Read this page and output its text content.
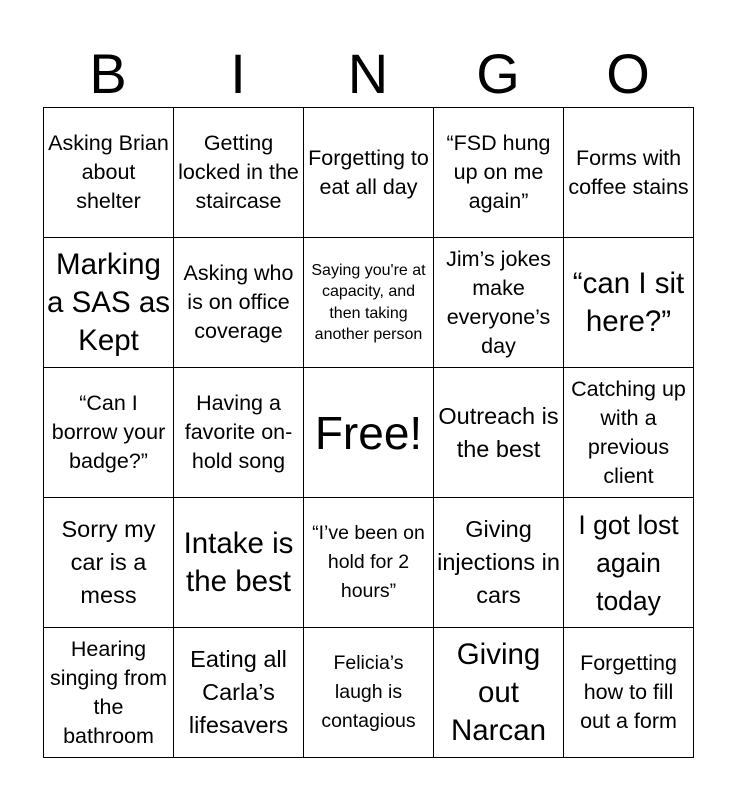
B	I	N	G	O
Asking Brian about shelter	Getting locked in the staircase	Forgetting to eat all day	“FSD hung up on me again”	Forms with coffee stains

Marking a SAS as Kept	Asking who is on office coverage	Saying you're at capacity, and then taking another person	Jim’s jokes make everyone’s day	“can I sit here?”

“Can I borrow your badge?”	Having a favorite on-hold song	Free!	Outreach is the best	Catching up with a previous client

Sorry my car is a mess	Intake is the best	“I’ve been on hold for 2 hours”	Giving injections in cars	I got lost again today

Hearing singing from the bathroom	Eating all Carla’s lifesavers	Felicia’s laugh is contagious	Giving out Narcan	Forgetting how to fill out a form
